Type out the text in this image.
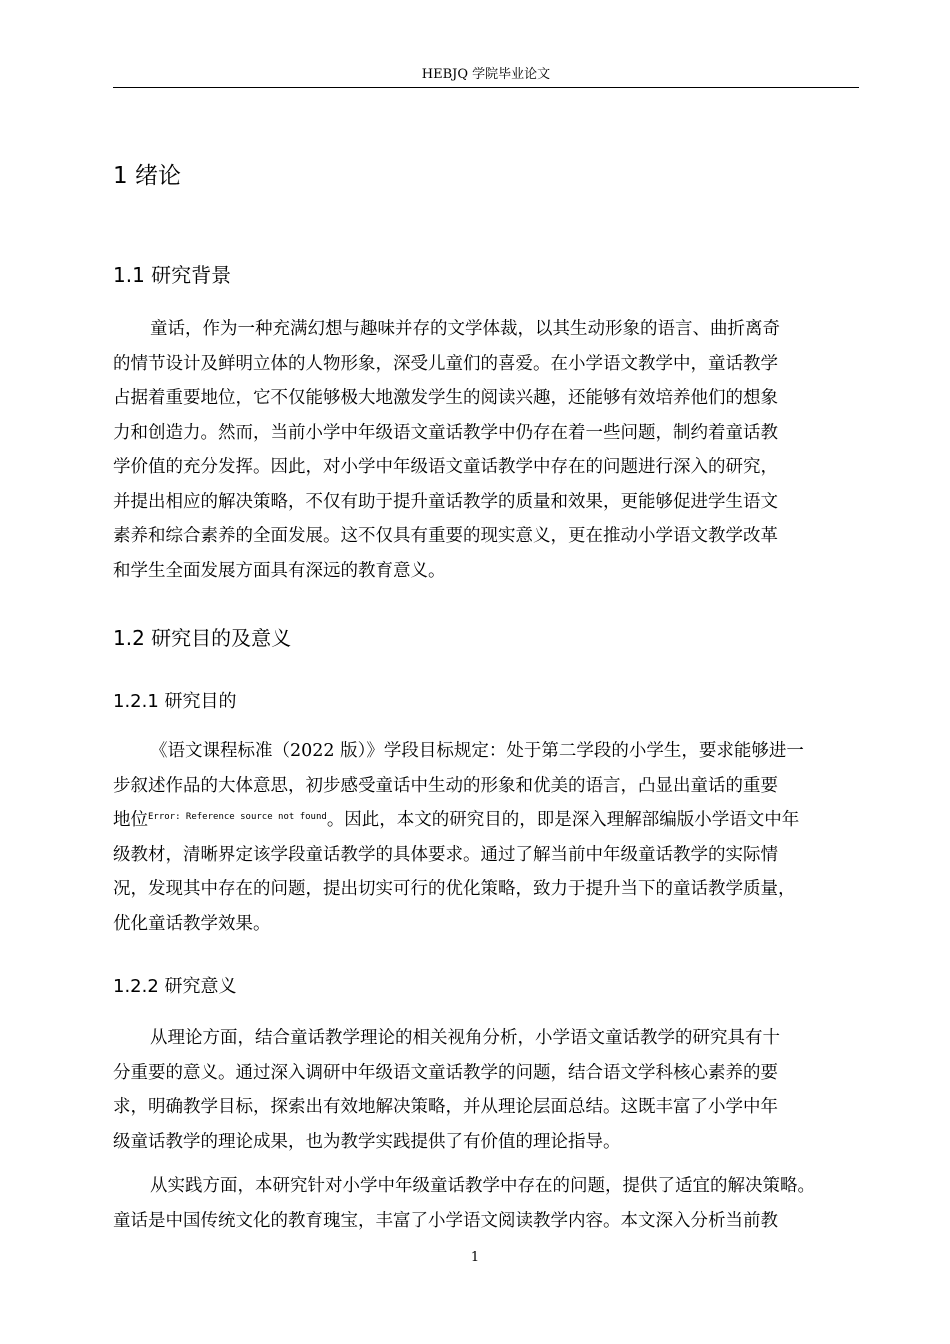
HEBJQ 学院毕业论文
1 绪论
1.1 研究背景
童话，作为一种充满幻想与趣味并存的文学体裁，以其生动形象的语言、曲折离奇
的情节设计及鲜明立体的人物形象，深受儿童们的喜爱。在小学语文教学中，童话教学
占据着重要地位，它不仅能够极大地激发学生的阅读兴趣，还能够有效培养他们的想象
力和创造力。然而，当前小学中年级语文童话教学中仍存在着一些问题，制约着童话教
学价值的充分发挥。因此，对小学中年级语文童话教学中存在的问题进行深入的研究，
并提出相应的解决策略，不仅有助于提升童话教学的质量和效果，更能够促进学生语文
素养和综合素养的全面发展。这不仅具有重要的现实意义，更在推动小学语文教学改革
和学生全面发展方面具有深远的教育意义。
1.2 研究目的及意义
1.2.1 研究目的
《语文课程标准（2022 版）》学段目标规定：处于第二学段的小学生，要求能够进一
步叙述作品的大体意思，初步感受童话中生动的形象和优美的语言，凸显出童话的重要
地位$^{Error: Reference source not found}$。因此，本文的研究目的，即是深入理解部编版小学语文中年
级教材，清晰界定该学段童话教学的具体要求。通过了解当前中年级童话教学的实际情
况，发现其中存在的问题，提出切实可行的优化策略，致力于提升当下的童话教学质量，
优化童话教学效果。
1.2.2 研究意义
从理论方面，结合童话教学理论的相关视角分析，小学语文童话教学的研究具有十
分重要的意义。通过深入调研中年级语文童话教学的问题，结合语文学科核心素养的要
求，明确教学目标，探索出有效地解决策略，并从理论层面总结。这既丰富了小学中年
级童话教学的理论成果，也为教学实践提供了有价值的理论指导。
从实践方面，本研究针对小学中年级童话教学中存在的问题，提供了适宜的解决策略。
童话是中国传统文化的教育瑰宝，丰富了小学语文阅读教学内容。本文深入分析当前教
1
